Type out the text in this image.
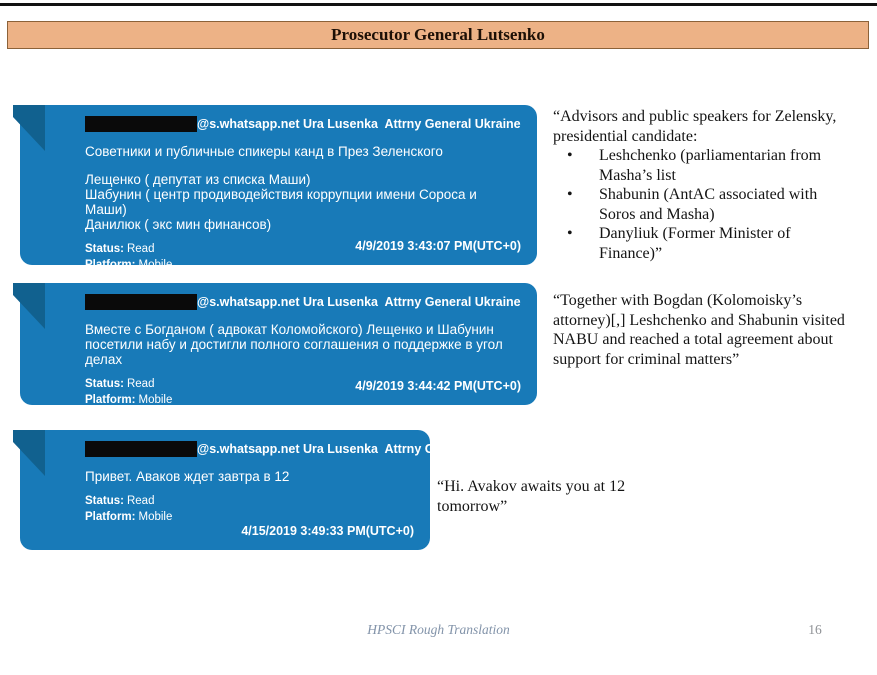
Prosecutor General Lutsenko
@s.whatsapp.net Ura Lusenka  Attrny General Ukraine
Советники и публичные спикеры канд в През Зеленского

Лещенко ( депутат из списка Маши)
Шабунин ( центр продиводействия коррупции имени Сороса и Маши)
Данилюк ( экс мин финансов)
Status: Read
Platform: Mobile
4/9/2019 3:43:07 PM(UTC+0)
@s.whatsapp.net Ura Lusenka  Attrny General Ukraine
Вместе с Богданом ( адвокат Коломойского) Лещенко и Шабунин посетили набу и достигли полного соглашения о поддержке в угол делах
Status: Read
Platform: Mobile
4/9/2019 3:44:42 PM(UTC+0)
@s.whatsapp.net Ura Lusenka  Attrny General Ukraine
Привет. Аваков ждет завтра в 12
Status: Read
Platform: Mobile
4/15/2019 3:49:33 PM(UTC+0)
“Advisors and public speakers for Zelensky, presidential candidate:
•	Leshchenko (parliamentarian from Masha’s list
•	Shabunin (AntAC associated with Soros and Masha)
•	Danyliuk (Former Minister of Finance)”
“Together with Bogdan (Kolomoisky’s attorney)[,] Leshchenko and Shabunin visited NABU and reached a total agreement about support for criminal matters”
“Hi. Avakov awaits you at 12 tomorrow”
HPSCI Rough Translation	16
